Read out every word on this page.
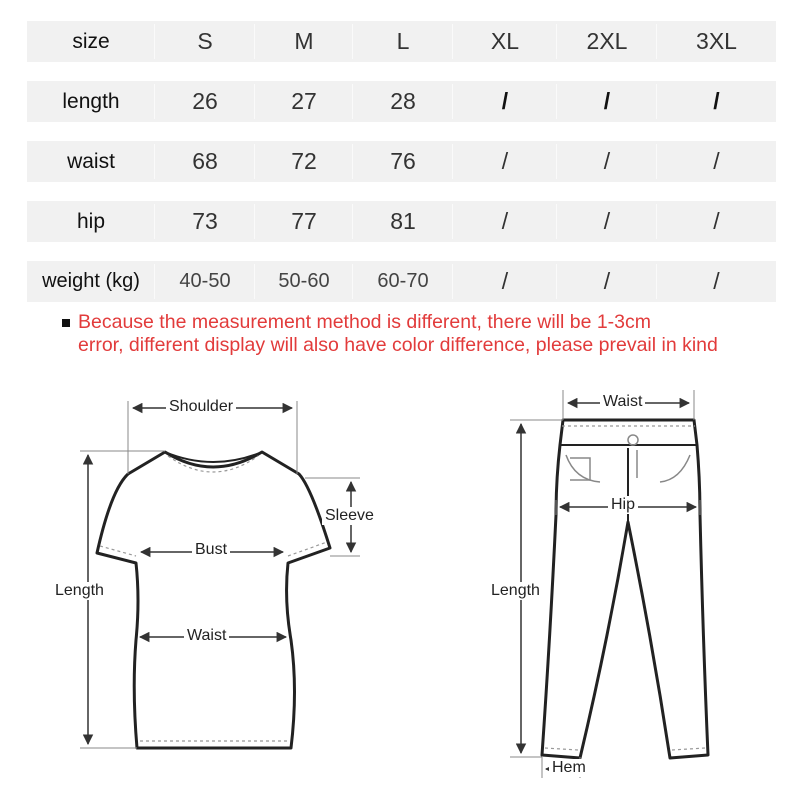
size	S	M	L	XL	2XL	3XL
length	26	27	28	/	/	/
waist	68	72	76	/	/	/
hip	73	77	81	/	/	/
weight (kg)	40-50	50-60	60-70	/	/	/
Because the measurement method is different, there will be 1-3cm
error, different display will also have color difference, please prevail in kind
Shoulder
Sleeve
Bust
Waist
Length
Waist
Hip
Length
Hem
